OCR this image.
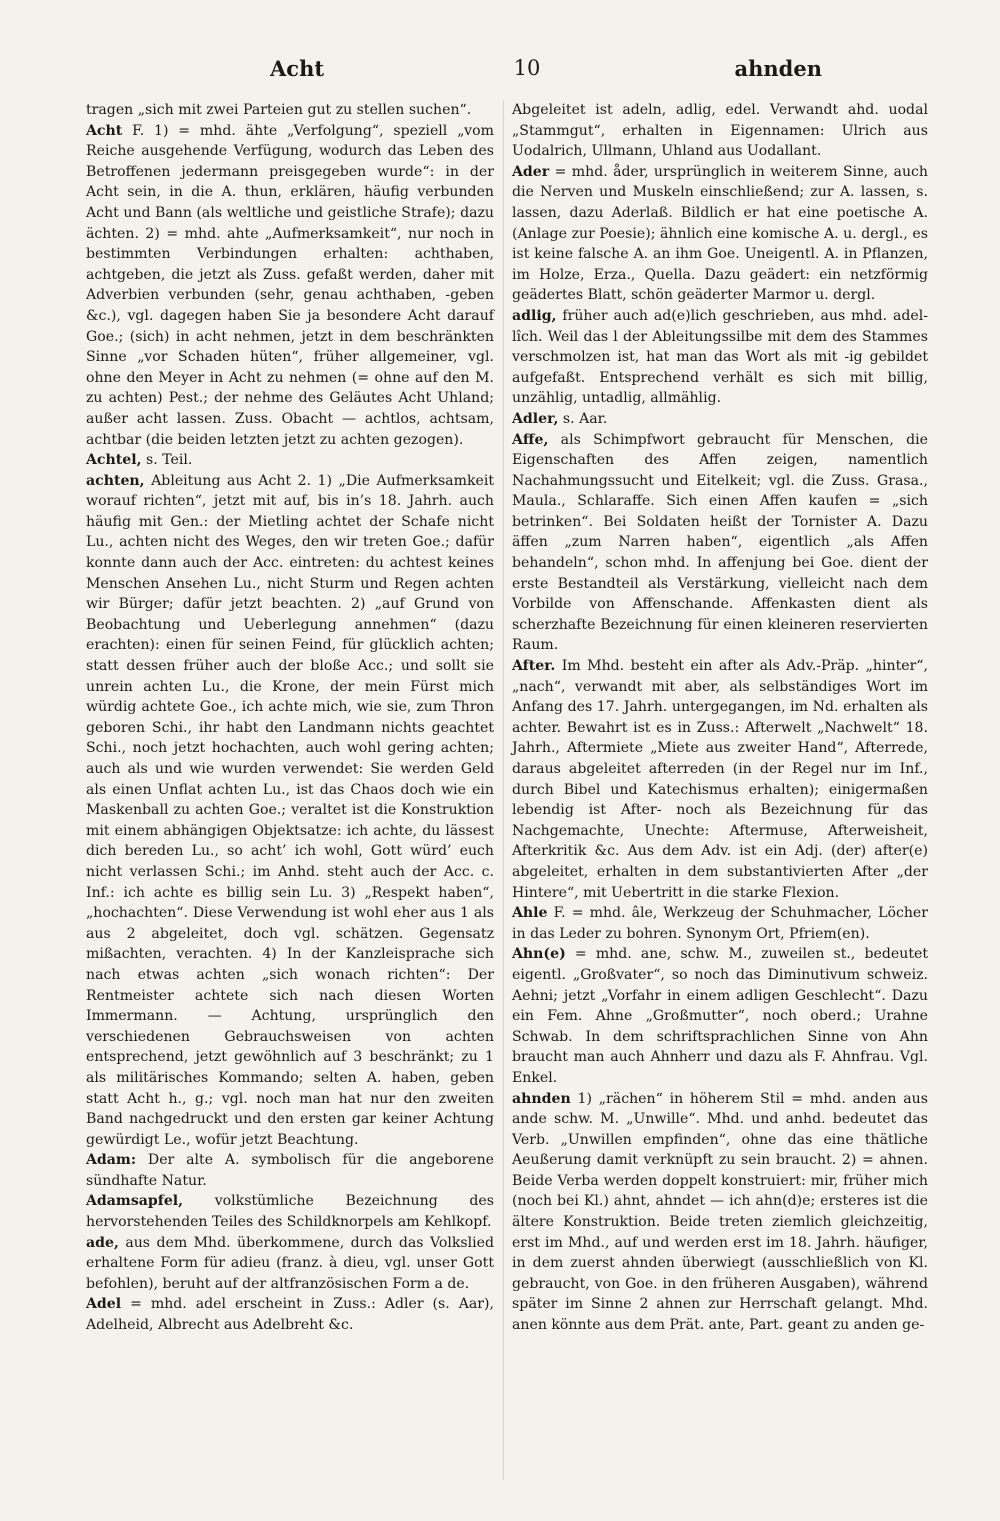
Acht	10	ahnden

tragen „sich mit zwei Parteien gut zu stellen suchen“.

Acht F. 1) = mhd. ähte „Verfolgung“, speziell „vom Reiche ausgehende Verfügung, wodurch das Leben des Betroffenen jedermann preisgegeben wurde“: in der Acht sein, in die A. thun, erklären, häufig verbunden Acht und Bann (als weltliche und geistliche Strafe); dazu ächten. 2) = mhd. ahte „Aufmerksamkeit“, nur noch in bestimmten Verbindungen erhalten: achthaben, achtgeben, die jetzt als Zuss. gefaßt werden, daher mit Adverbien verbunden (sehr, genau achthaben, -geben &c.), vgl. dagegen haben Sie ja besondere Acht darauf Goe.; (sich) in acht nehmen, jetzt in dem beschränkten Sinne „vor Schaden hüten“, früher allgemeiner, vgl. ohne den Meyer in Acht zu nehmen (= ohne auf den M. zu achten) Pest.; der nehme des Geläutes Acht Uhland; außer acht lassen. Zuss. Obacht — achtlos, achtsam, achtbar (die beiden letzten jetzt zu achten gezogen).

Achtel, s. Teil.

achten, Ableitung aus Acht 2. 1) „Die Aufmerksamkeit worauf richten“, jetzt mit auf, bis in’s 18. Jahrh. auch häufig mit Gen.: der Mietling achtet der Schafe nicht Lu., achten nicht des Weges, den wir treten Goe.; dafür konnte dann auch der Acc. eintreten: du achtest keines Menschen Ansehen Lu., nicht Sturm und Regen achten wir Bürger; dafür jetzt beachten. 2) „auf Grund von Beobachtung und Ueberlegung annehmen“ (dazu erachten): einen für seinen Feind, für glücklich achten; statt dessen früher auch der bloße Acc.; und sollt sie unrein achten Lu., die Krone, der mein Fürst mich würdig achtete Goe., ich achte mich, wie sie, zum Thron geboren Schi., ihr habt den Landmann nichts geachtet Schi., noch jetzt hochachten, auch wohl gering achten; auch als und wie wurden verwendet: Sie werden Geld als einen Unflat achten Lu., ist das Chaos doch wie ein Maskenball zu achten Goe.; veraltet ist die Konstruktion mit einem abhängigen Objektsatze: ich achte, du lässest dich bereden Lu., so acht’ ich wohl, Gott würd’ euch nicht verlassen Schi.; im Anhd. steht auch der Acc. c. Inf.: ich achte es billig sein Lu. 3) „Respekt haben“, „hochachten“. Diese Verwendung ist wohl eher aus 1 als aus 2 abgeleitet, doch vgl. schätzen. Gegensatz mißachten, verachten. 4) In der Kanzleisprache sich nach etwas achten „sich wonach richten“: Der Rentmeister achtete sich nach diesen Worten Immermann. — Achtung, ursprünglich den verschiedenen Gebrauchsweisen von achten entsprechend, jetzt gewöhnlich auf 3 beschränkt; zu 1 als militärisches Kommando; selten A. haben, geben statt Acht h., g.; vgl. noch man hat nur den zweiten Band nachgedruckt und den ersten gar keiner Achtung gewürdigt Le., wofür jetzt Beachtung.

Adam: Der alte A. symbolisch für die angeborene sündhafte Natur.

Adamsapfel, volkstümliche Bezeichnung des hervorstehenden Teiles des Schildknorpels am Kehlkopf.

ade, aus dem Mhd. überkommene, durch das Volkslied erhaltene Form für adieu (franz. à dieu, vgl. unser Gott befohlen), beruht auf der altfranzösischen Form a de.

Adel = mhd. adel erscheint in Zuss.: Adler (s. Aar), Adelheid, Albrecht aus Adelbreht &c.

Abgeleitet ist adeln, adlig, edel. Verwandt ahd. uodal „Stammgut“, erhalten in Eigennamen: Ulrich aus Uodalrich, Ullmann, Uhland aus Uodallant.

Ader = mhd. åder, ursprünglich in weiterem Sinne, auch die Nerven und Muskeln einschließend; zur A. lassen, s. lassen, dazu Aderlaß. Bildlich er hat eine poetische A. (Anlage zur Poesie); ähnlich eine komische A. u. dergl., es ist keine falsche A. an ihm Goe. Uneigentl. A. in Pflanzen, im Holze, Erza., Quella. Dazu geädert: ein netzförmig geädertes Blatt, schön geäderter Marmor u. dergl.

adlig, früher auch ad(e)lich geschrieben, aus mhd. adel-lîch. Weil das l der Ableitungssilbe mit dem des Stammes verschmolzen ist, hat man das Wort als mit -ig gebildet aufgefaßt. Entsprechend verhält es sich mit billig, unzählig, untadlig, allmählig.

Adler, s. Aar.

Affe, als Schimpfwort gebraucht für Menschen, die Eigenschaften des Affen zeigen, namentlich Nachahmungssucht und Eitelkeit; vgl. die Zuss. Grasa., Maula., Schlaraffe. Sich einen Affen kaufen = „sich betrinken“. Bei Soldaten heißt der Tornister A. Dazu äffen „zum Narren haben“, eigentlich „als Affen behandeln“, schon mhd. In affenjung bei Goe. dient der erste Bestandteil als Verstärkung, vielleicht nach dem Vorbilde von Affenschande. Affenkasten dient als scherzhafte Bezeichnung für einen kleineren reservierten Raum.

After. Im Mhd. besteht ein after als Adv.-Präp. „hinter“, „nach“, verwandt mit aber, als selbständiges Wort im Anfang des 17. Jahrh. untergegangen, im Nd. erhalten als achter. Bewahrt ist es in Zuss.: Afterwelt „Nachwelt“ 18. Jahrh., Aftermiete „Miete aus zweiter Hand“, Afterrede, daraus abgeleitet afterreden (in der Regel nur im Inf., durch Bibel und Katechismus erhalten); einigermaßen lebendig ist After- noch als Bezeichnung für das Nachgemachte, Unechte: Aftermuse, Afterweisheit, Afterkritik &c. Aus dem Adv. ist ein Adj. (der) after(e) abgeleitet, erhalten in dem substantivierten After „der Hintere“, mit Uebertritt in die starke Flexion.

Ahle F. = mhd. âle, Werkzeug der Schuhmacher, Löcher in das Leder zu bohren. Synonym Ort, Pfriem(en).

Ahn(e) = mhd. ane, schw. M., zuweilen st., bedeutet eigentl. „Großvater“, so noch das Diminutivum schweiz. Aehni; jetzt „Vorfahr in einem adligen Geschlecht“. Dazu ein Fem. Ahne „Großmutter“, noch oberd.; Urahne Schwab. In dem schriftsprachlichen Sinne von Ahn braucht man auch Ahnherr und dazu als F. Ahnfrau. Vgl. Enkel.

ahnden 1) „rächen“ in höherem Stil = mhd. anden aus ande schw. M. „Unwille“. Mhd. und anhd. bedeutet das Verb. „Unwillen empfinden“, ohne das eine thätliche Aeußerung damit verknüpft zu sein braucht. 2) = ahnen. Beide Verba werden doppelt konstruiert: mir, früher mich (noch bei Kl.) ahnt, ahndet — ich ahn(d)e; ersteres ist die ältere Konstruktion. Beide treten ziemlich gleichzeitig, erst im Mhd., auf und werden erst im 18. Jahrh. häufiger, in dem zuerst ahnden überwiegt (ausschließlich von Kl. gebraucht, von Goe. in den früheren Ausgaben), während später im Sinne 2 ahnen zur Herrschaft gelangt. Mhd. anen könnte aus dem Prät. ante, Part. geant zu anden ge-
